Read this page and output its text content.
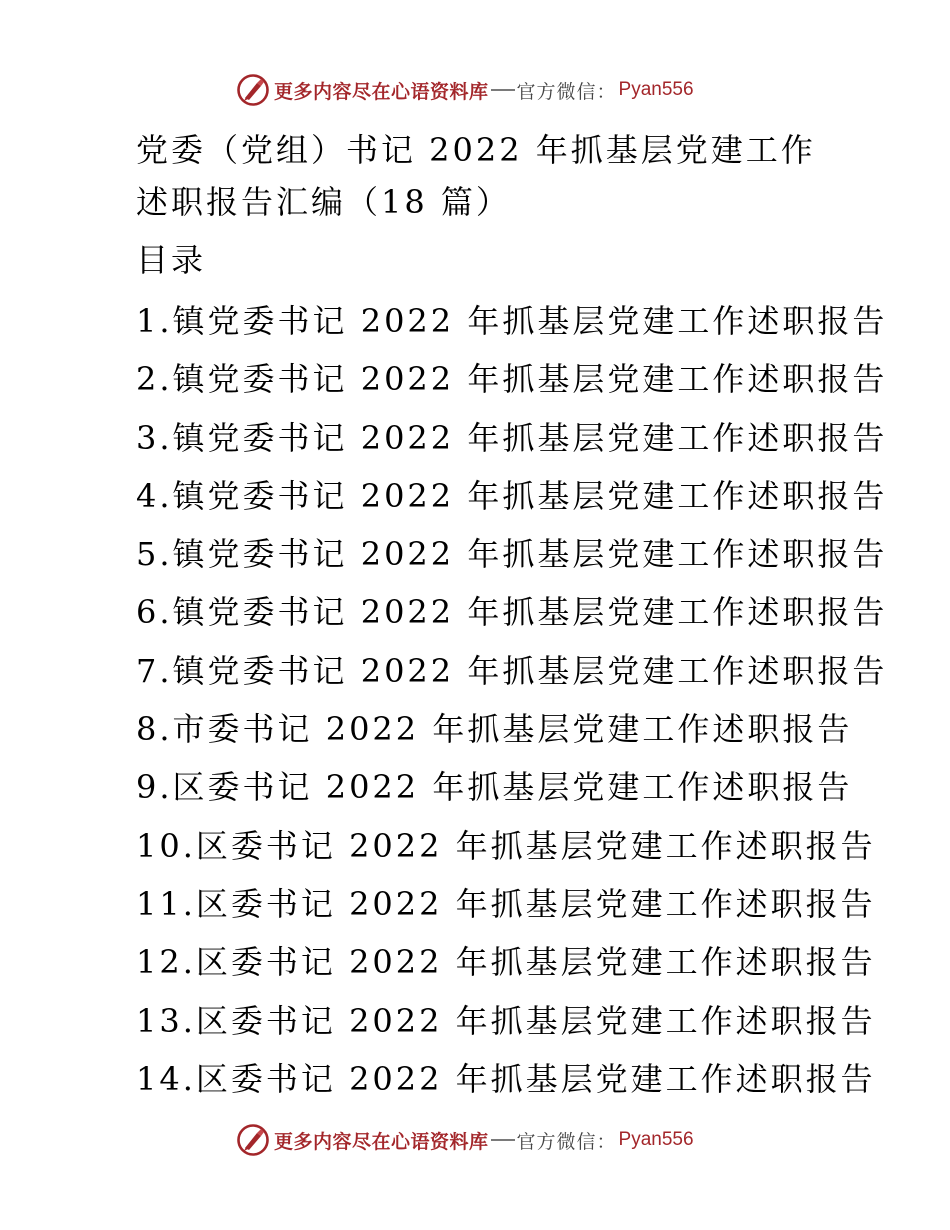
更多内容尽在心语资料库 官方微信： Pyan556
党委（党组）书记 2022 年抓基层党建工作
述职报告汇编（18 篇）
目录
1.镇党委书记 2022 年抓基层党建工作述职报告
2.镇党委书记 2022 年抓基层党建工作述职报告
3.镇党委书记 2022 年抓基层党建工作述职报告
4.镇党委书记 2022 年抓基层党建工作述职报告
5.镇党委书记 2022 年抓基层党建工作述职报告
6.镇党委书记 2022 年抓基层党建工作述职报告
7.镇党委书记 2022 年抓基层党建工作述职报告
8.市委书记 2022 年抓基层党建工作述职报告
9.区委书记 2022 年抓基层党建工作述职报告
10.区委书记 2022 年抓基层党建工作述职报告
11.区委书记 2022 年抓基层党建工作述职报告
12.区委书记 2022 年抓基层党建工作述职报告
13.区委书记 2022 年抓基层党建工作述职报告
14.区委书记 2022 年抓基层党建工作述职报告
更多内容尽在心语资料库 官方微信： Pyan556
